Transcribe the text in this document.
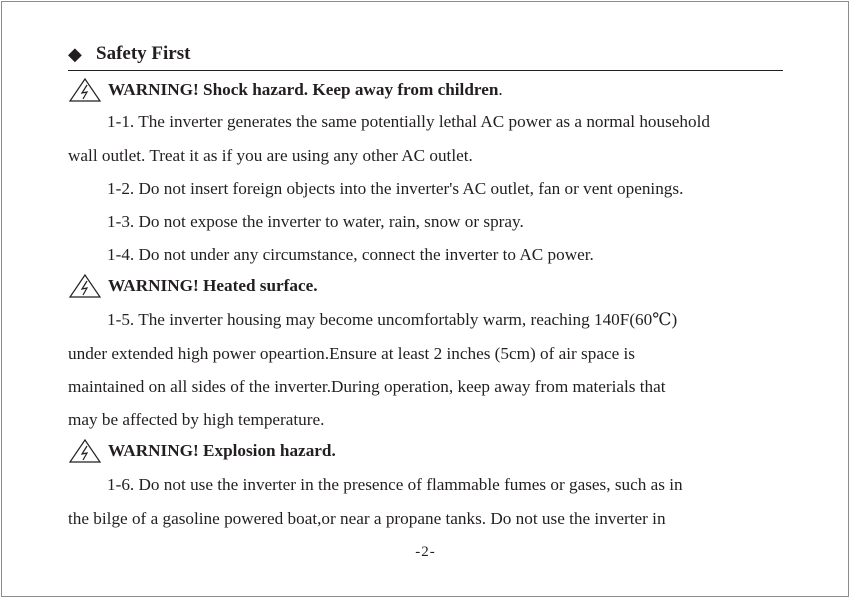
◆ Safety First
WARNING! Shock hazard. Keep away from children.
1-1. The inverter generates the same potentially lethal AC power as a normal household
wall outlet. Treat it as if you are using any other AC outlet.
1-2. Do not insert foreign objects into the inverter's AC outlet, fan or vent openings.
1-3. Do not expose the inverter to water, rain, snow or spray.
1-4. Do not under any circumstance, connect the inverter to AC power.
WARNING! Heated surface.
1-5. The inverter housing may become uncomfortably warm, reaching 140F(60℃)
under extended high power opeartion.Ensure at least 2 inches (5cm) of air space is
maintained on all sides of the inverter.During operation, keep away from materials that
may be affected by high temperature.
WARNING! Explosion hazard.
1-6. Do not use the inverter in the presence of flammable fumes or gases, such as in
the bilge of a gasoline powered boat,or near a propane tanks. Do not use the inverter in
-2-
